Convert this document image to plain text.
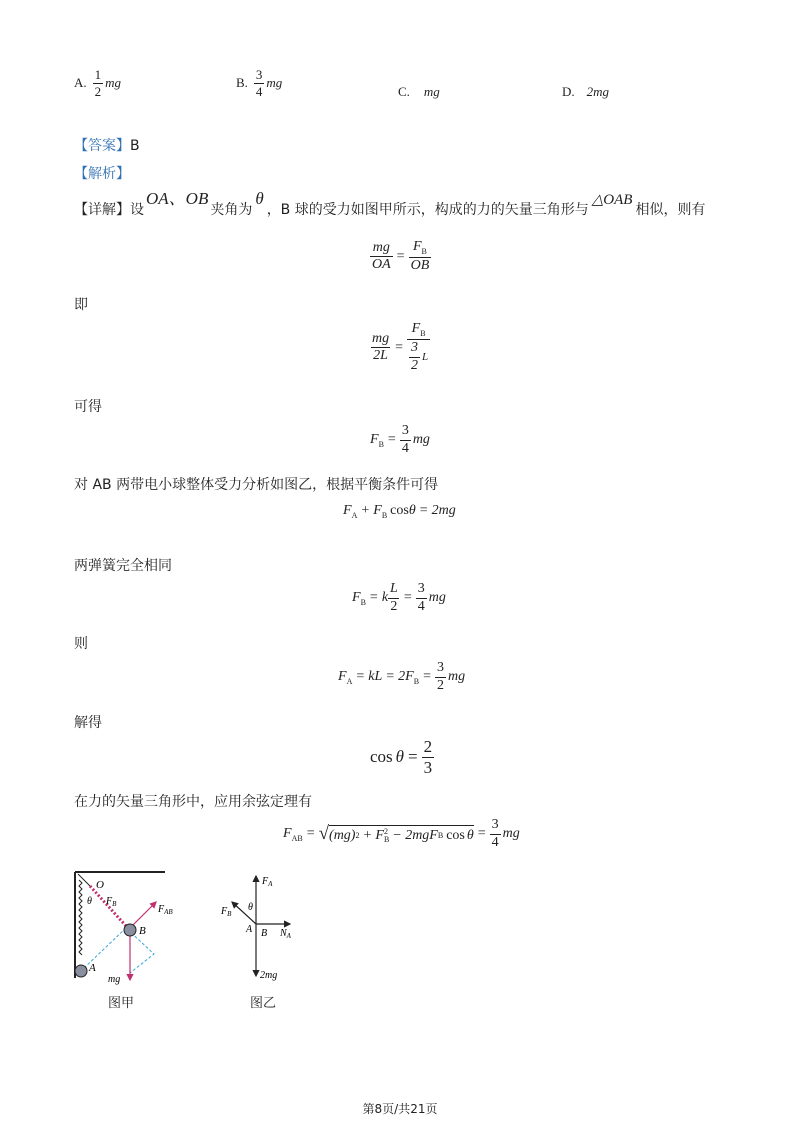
A. $\frac{1}{2}$ mg	B. $\frac{3}{4}$ mg
C. mg	D. 2mg
【答案】B
【解析】
【详解】 设
OA、OB
夹角为
θ
，B 球的受力如图甲所示，构成的力的矢量三角形与
△OAB
相似，则有
$\frac{mg}{OA} = \frac{F_B}{OB}$
即
$\frac{mg}{2L} = \frac{F_B}{\frac{3}{2} L}$
可得
$F_B = \frac{3}{4}$ mg
对 AB 两带电小球整体受力分析如图乙，根据平衡条件可得
$F_A + F_B$ cos θ = 2mg
两弹簧完全相同
$F_B = k \frac{L}{2} = \frac{3}{4}$ mg
则
$F_A$ = kL = $2F_B = \frac{3}{2}$ mg
解得
$\cos \theta = \frac{2}{3}$
在力的矢量三角形中，应用余弦定理有
$F_{AB}$ = √ (mg) 2 + F 2
B − 2mgF B $\cos \theta = \frac{3}{4}$ mg
O
θ $F_B$	$F_{AB}$
B
A
mg
图甲
$F_A$
$F_B$
θ
A B $N_A$
2mg
图乙
第8页/共21页
